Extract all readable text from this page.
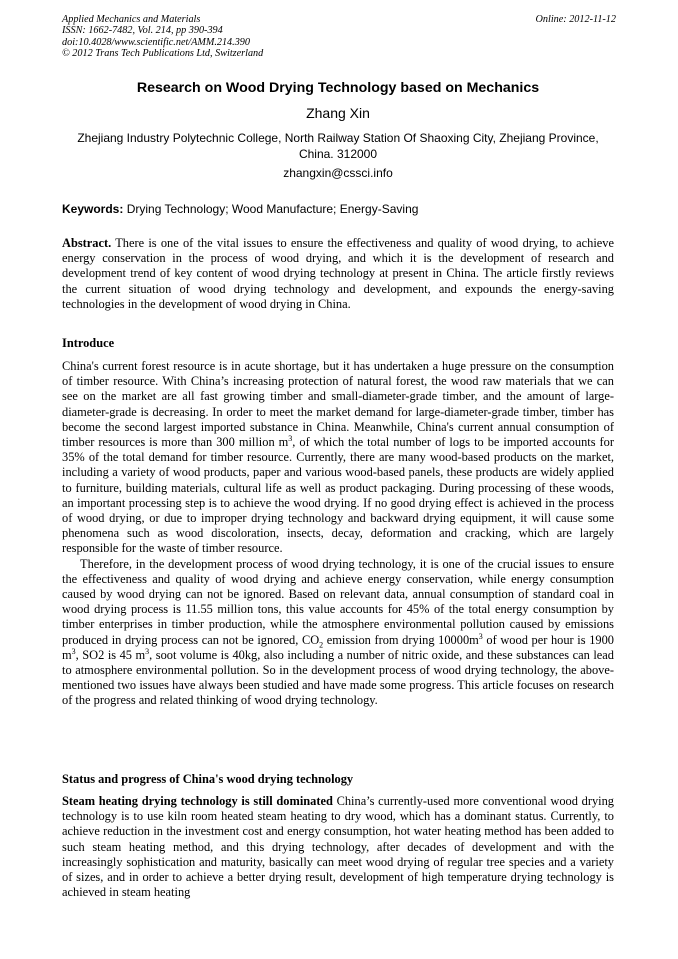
Applied Mechanics and Materials
ISSN: 1662-7482, Vol. 214, pp 390-394
doi:10.4028/www.scientific.net/AMM.214.390
© 2012 Trans Tech Publications Ltd, Switzerland
Online: 2012-11-12
Research on Wood Drying Technology based on Mechanics
Zhang Xin
Zhejiang Industry Polytechnic College, North Railway Station Of Shaoxing City, Zhejiang Province, China. 312000
zhangxin@cssci.info
Keywords: Drying Technology; Wood Manufacture; Energy-Saving
Abstract. There is one of the vital issues to ensure the effectiveness and quality of wood drying, to achieve energy conservation in the process of wood drying, and which it is the development of research and development trend of key content of wood drying technology at present in China. The article firstly reviews the current situation of wood drying technology and development, and expounds the energy-saving technologies in the development of wood drying in China.
Introduce

China's current forest resource is in acute shortage, but it has undertaken a huge pressure on the consumption of timber resource. With China’s increasing protection of natural forest, the wood raw materials that we can see on the market are all fast growing timber and small-diameter-grade timber, and the amount of large-diameter-grade is decreasing. In order to meet the market demand for large-diameter-grade timber, timber has become the second largest imported substance in China. Meanwhile, China's current annual consumption of timber resources is more than 300 million $m^3$, of which the total number of logs to be imported accounts for 35% of the total demand for timber resource. Currently, there are many wood-based products on the market, including a variety of wood products, paper and various wood-based panels, these products are widely applied to furniture, building materials, cultural life as well as product packaging. During processing of these woods, an important processing step is to achieve the wood drying. If no good drying effect is achieved in the process of wood drying, or due to improper drying technology and backward drying equipment, it will cause some phenomena such as wood discoloration, insects, decay, deformation and cracking, which are largely responsible for the waste of timber resource.

Therefore, in the development process of wood drying technology, it is one of the crucial issues to ensure the effectiveness and quality of wood drying and achieve energy conservation, while energy consumption caused by wood drying can not be ignored. Based on relevant data, annual consumption of standard coal in wood drying process is 11.55 million tons, this value accounts for 45% of the total energy consumption by timber enterprises in timber production, while the atmosphere environmental pollution caused by emissions produced in drying process can not be ignored, $CO_2$ emission from drying $10000m^3$ of wood per hour is 1900 $m^3$, SO2 is 45 $m^3$, soot volume is 40kg, also including a number of nitric oxide, and these substances can lead to atmosphere environmental pollution. So in the development process of wood drying technology, the above-mentioned two issues have always been studied and have made some progress. This article focuses on research of the progress and related thinking of wood drying technology.

Status and progress of China's wood drying technology

Steam heating drying technology is still dominated China’s currently-used more conventional wood drying technology is to use kiln room heated steam heating to dry wood, which has a dominant status. Currently, to achieve reduction in the investment cost and energy consumption, hot water heating method has been added to such steam heating method, and this drying technology, after decades of development and with the increasingly sophistication and maturity, basically can meet wood drying of regular tree species and a variety of sizes, and in order to achieve a better drying result, development of high temperature drying technology is achieved in steam heating
